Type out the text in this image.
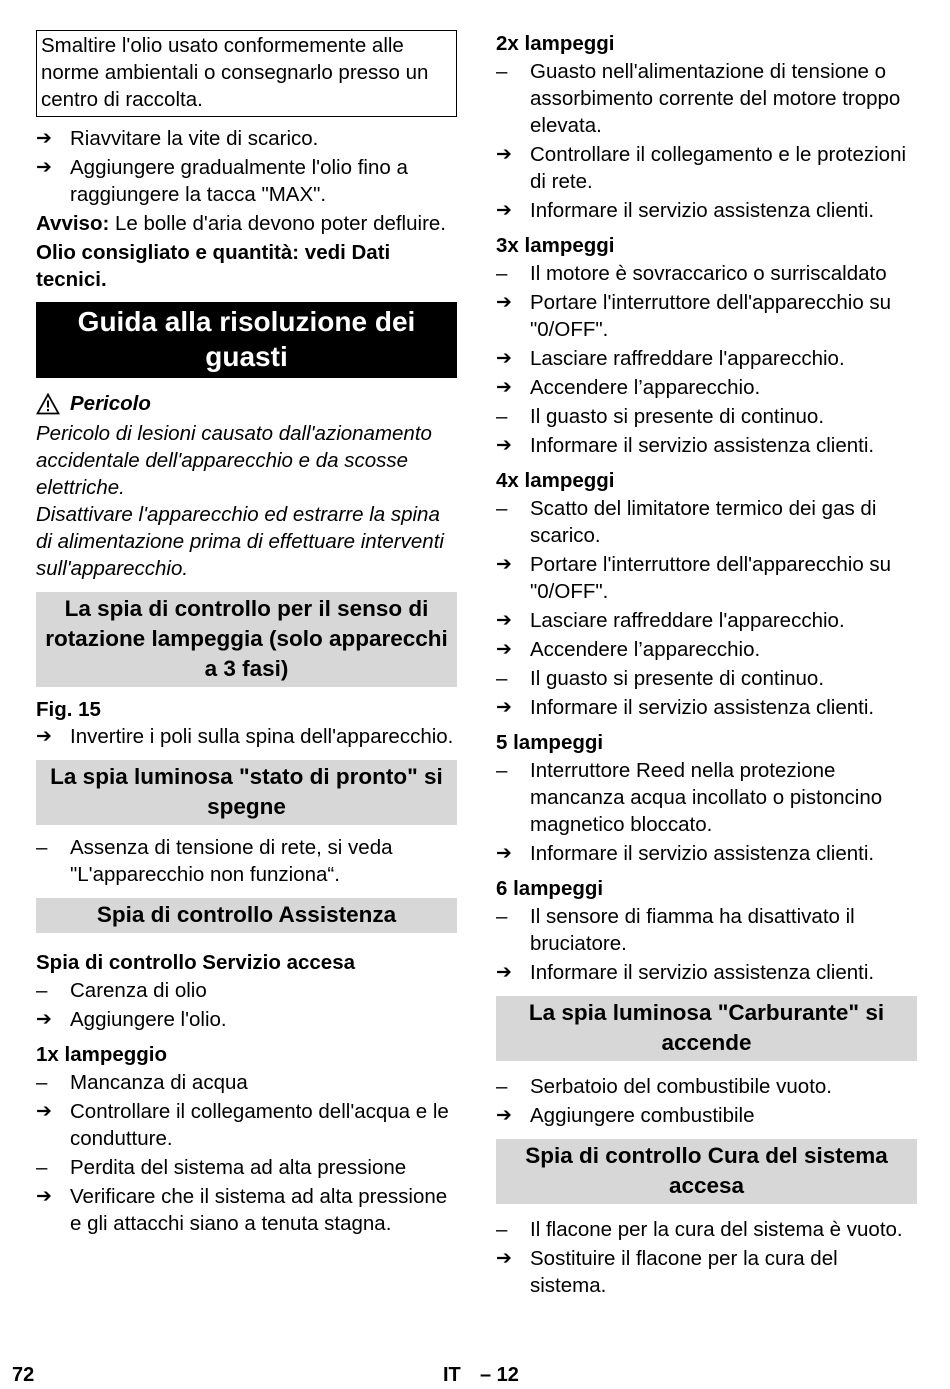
Smaltire l'olio usato conformemente alle norme ambientali o consegnarlo presso un centro di raccolta.

➔ Riavvitare la vite di scarico.
➔ Aggiungere gradualmente l'olio fino a raggiungere la tacca "MAX".

Avviso: Le bolle d'aria devono poter defluire.

Olio consigliato e quantità: vedi Dati tecnici.

Guida alla risoluzione dei guasti
Pericolo

Pericolo di lesioni causato dall'azionamento accidentale dell'apparecchio e da scosse elettriche.

Disattivare l'apparecchio ed estrarre la spina di alimentazione prima di effettuare interventi sull'apparecchio.

La spia di controllo per il senso di rotazione lampeggia (solo apparecchi a 3 fasi)

Fig. 15

➔ Invertire i poli sulla spina dell'apparecchio.
La spia luminosa "stato di pronto" si spegne
–	Assenza di tensione di rete, si veda "L'apparecchio non funziona“.
Spia di controllo Assistenza

Spia di controllo Servizio accesa

–	Carenza di olio
➔ Aggiungere l'olio.

1x lampeggio

–	Mancanza di acqua
➔ Controllare il collegamento dell'acqua e le condutture.
–	Perdita del sistema ad alta pressione
➔ Verificare che il sistema ad alta pressione e gli attacchi siano a tenuta stagna.

2x lampeggi

–	Guasto nell'alimentazione di tensione o assorbimento corrente del motore troppo elevata.
➔ Controllare il collegamento e le protezioni di rete.
➔ Informare il servizio assistenza clienti.

3x lampeggi

–	Il motore è sovraccarico o surriscaldato
➔ Portare l'interruttore dell'apparecchio su "0/OFF".
➔ Lasciare raffreddare l'apparecchio.
➔ Accendere l’apparecchio.
–	Il guasto si presente di continuo.
➔ Informare il servizio assistenza clienti.

4x lampeggi

–	Scatto del limitatore termico dei gas di scarico.
➔ Portare l'interruttore dell'apparecchio su "0/OFF".
➔ Lasciare raffreddare l'apparecchio.
➔ Accendere l’apparecchio.
–	Il guasto si presente di continuo.
➔ Informare il servizio assistenza clienti.

5 lampeggi

–	Interruttore Reed nella protezione mancanza acqua incollato o pistoncino magnetico bloccato.
➔ Informare il servizio assistenza clienti.

6 lampeggi

–	Il sensore di fiamma ha disattivato il bruciatore.
➔ Informare il servizio assistenza clienti.
La spia luminosa "Carburante" si accende
–	Serbatoio del combustibile vuoto.
➔ Aggiungere combustibile
Spia di controllo Cura del sistema accesa
–	Il flacone per la cura del sistema è vuoto.
➔ Sostituire il flacone per la cura del sistema.
72	IT – 12
